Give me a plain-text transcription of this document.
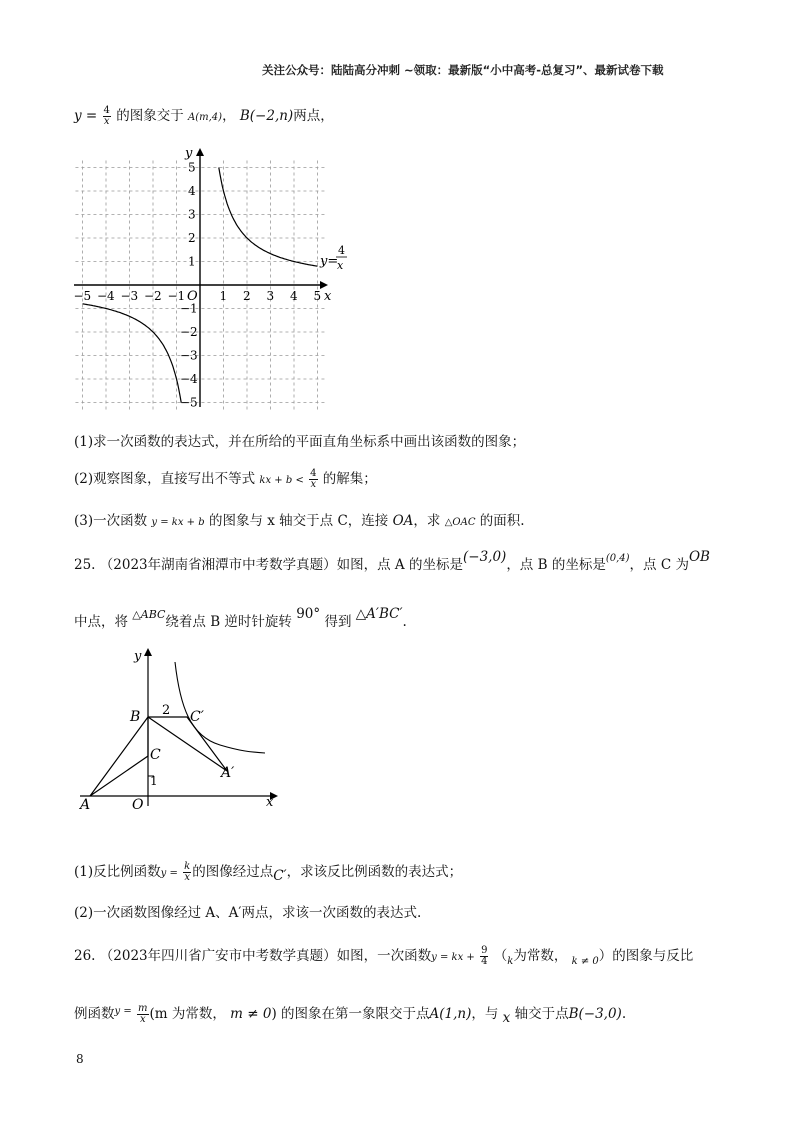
关注公众号：陆陆高分冲刺 ~领取：最新版“小中高考-总复习”、最新试卷下载
$y = \frac{4}{x}$ 的图象交于 A(m,4)， B(−2,n)两点，
y
x
O
−5 −4 −3 −2 −1	1 2 3 4 5
5
4
3
2
1
−1
−2
−3
−4
−5
y=
4
x
(1)求一次函数的表达式，并在所给的平面直角坐标系中画出该函数的图象；
(2)观察图象，直接写出不等式 kx + $b < \frac{4}{x}$ 的解集；
(3)一次函数 y = kx + b 的图象与 x 轴交于点 C，连接 OA，求 △OAC 的面积.
25. （2023年湖南省湘潭市中考数学真题）如图，点 A 的坐标是(−3,0)，点 B 的坐标是$^{(0,4)}$，点 C 为OB
中点，将 $^{\triangle ABC}$绕着点 B 逆时针旋转 90° 得到 △A′BC′.
y
x
B
C
C′
A′
A	O
2
1
(1)反比例函数$y = \frac{k}{x}$ 的图像经过点C′，求该反比例函数的表达式；
(2)一次函数图像经过 A、A′两点，求该一次函数的表达式.
26. （2023年四川省广安市中考数学真题）如图，一次函数y = kx + $\frac{9}{4} (_k$为常数， $_{k \ne 0}$）的图象与反比
例函数$^{y =} \frac{m}{x} (m$ 为常数， m ≠ 0) 的图象在第一象限交于点A(1,n)，与 x 轴交于点B(−3,0).
8
